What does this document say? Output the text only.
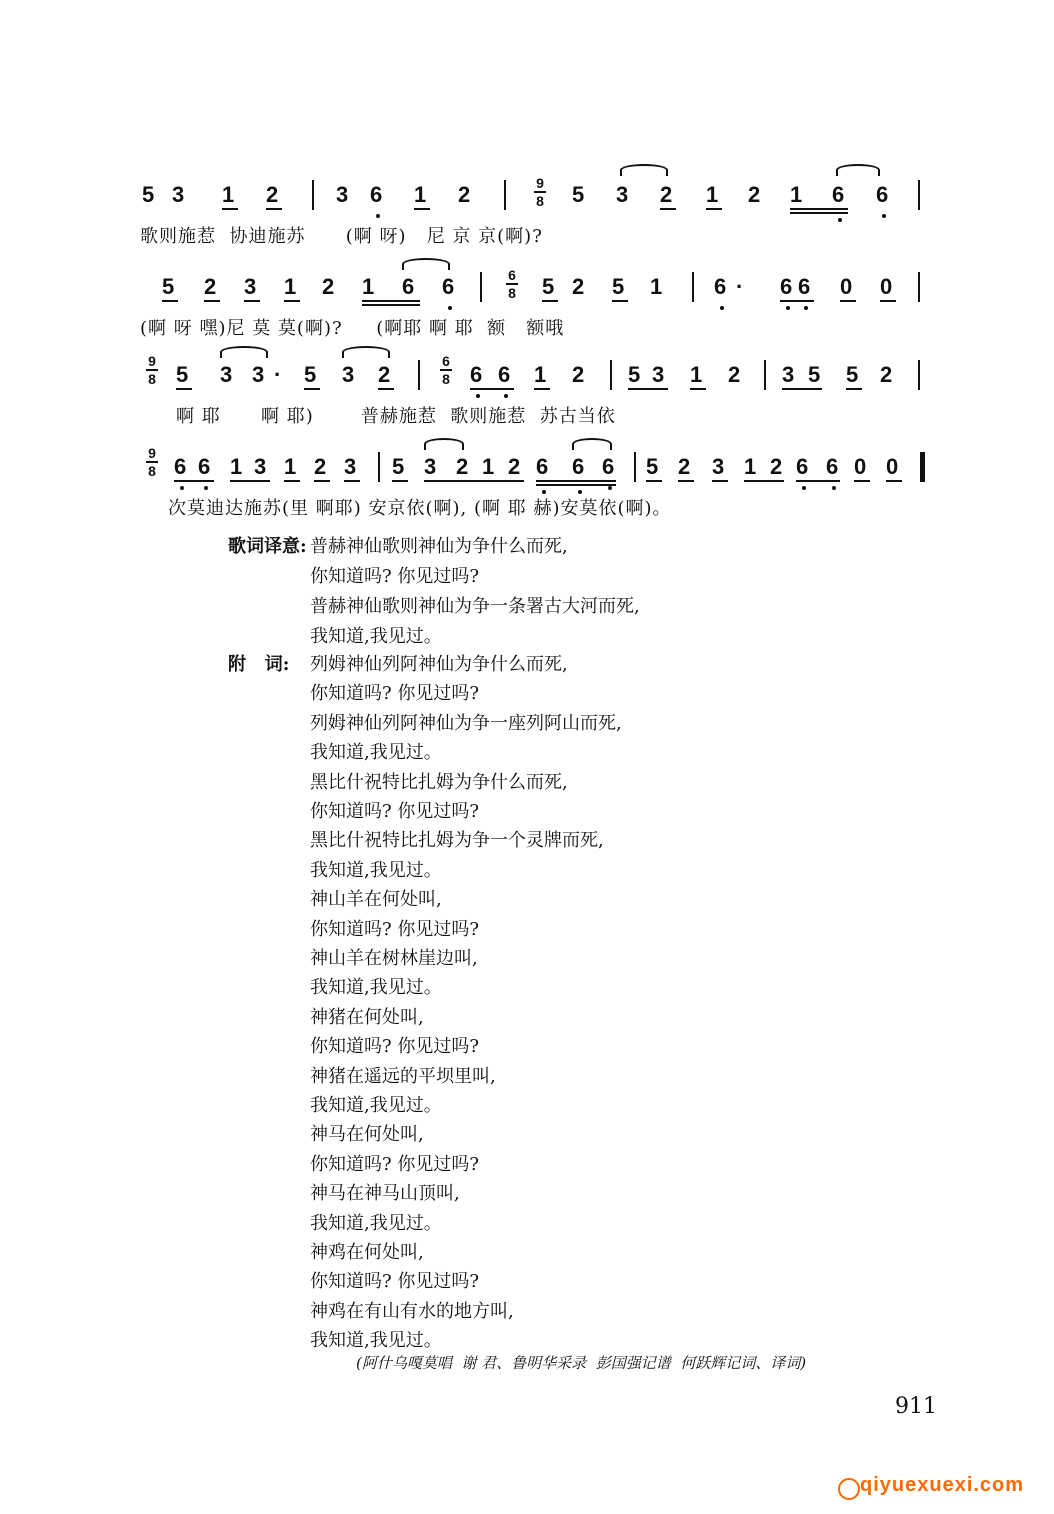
5 3 1 2	3 6 1 2	9
8 5 3 2 1 2 1 6 6
歌则施惹  协迪施苏      (啊 呀)   尼 京 京(啊)?
5 2 3 1 2 1 6 6	6
8 5 2 5 1 6 · 6 6 0 0
(啊 呀 嘿)尼 莫 莫(啊)?     (啊耶 啊 耶  额   额哦
9
8 5 3 3 · 5 3 2
6
8 6 6 1 2 5 3 1 2 3 5 5 2
啊 耶      啊 耶)       普赫施惹  歌则施惹  苏古当依
9
8 6 6 1 3 1 2 3 5 3 2 1 2 6 6 6 5 2 3 1 2 6 6 0 0
次莫迪达施苏(里 啊耶) 安京依(啊), (啊 耶 赫)安莫依(啊)。
歌词译意: 普赫神仙歌则神仙为争什么而死,
你知道吗? 你见过吗?
普赫神仙歌则神仙为争一条署古大河而死,
我知道,我见过。
附   词: 列姆神仙列阿神仙为争什么而死,
你知道吗? 你见过吗?
列姆神仙列阿神仙为争一座列阿山而死,
我知道,我见过。
黑比什祝特比扎姆为争什么而死,
你知道吗? 你见过吗?
黑比什祝特比扎姆为争一个灵牌而死,
我知道,我见过。
神山羊在何处叫,
你知道吗? 你见过吗?
神山羊在树林崖边叫,
我知道,我见过。
神猪在何处叫,
你知道吗? 你见过吗?
神猪在遥远的平坝里叫,
我知道,我见过。
神马在何处叫,
你知道吗? 你见过吗?
神马在神马山顶叫,
我知道,我见过。
神鸡在何处叫,
你知道吗? 你见过吗?
神鸡在有山有水的地方叫,
我知道,我见过。
(阿什乌嘎莫唱  谢 君、鲁明华采录  彭国强记谱  何跃辉记词、译词)
911
qiyuexuexi.com
